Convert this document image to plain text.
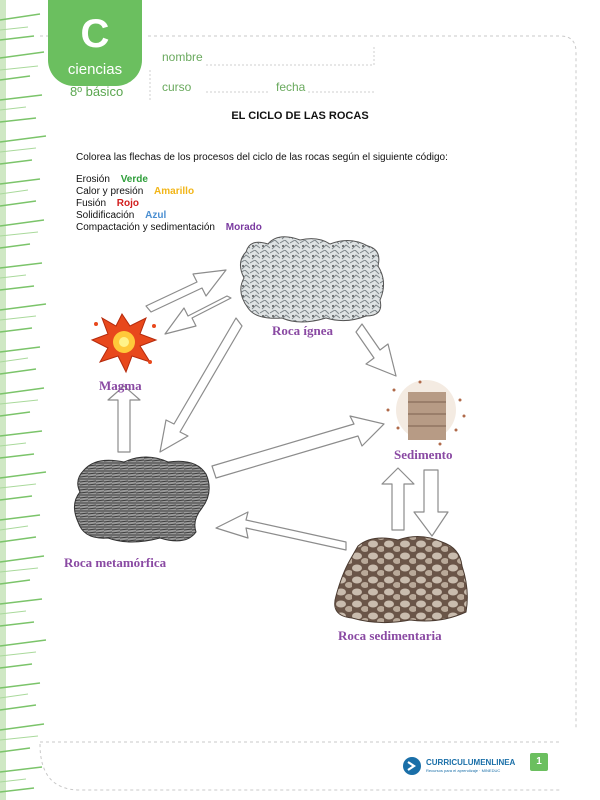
C
ciencias
8º básico
nombre
curso	fecha
EL CICLO DE LAS ROCAS
Colorea las flechas de los procesos del ciclo de las rocas según el siguiente código:
Erosión Verde
Calor y presión Amarillo
Fusión Rojo
Solidificación Azul
Compactación y sedimentación Morado
Roca ígnea
Magma
Sedimento
Roca metamórfica
Roca sedimentaria
CURRICULUMENLINEA
Recursos para el aprendizaje · MINEDUC
1
